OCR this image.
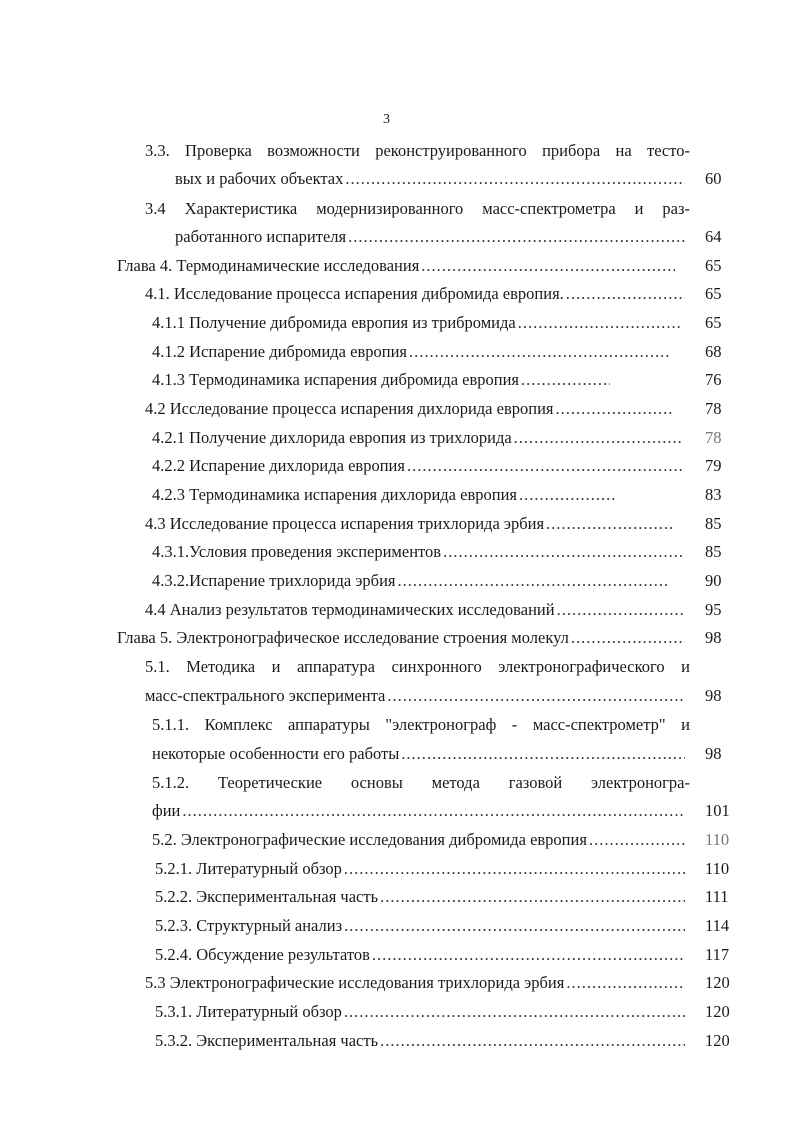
3
3.3. Проверка возможности реконструированного прибора на тесто-
вых и рабочих объектах .....	60
3.4 Характеристика модернизированного масс-спектрометра и раз-
работанного испарителя .....	64
Глава 4. Термодинамические исследования .....	65
4.1. Исследование процесса испарения дибромида европия. .....	65
4.1.1 Получение дибромида европия из трибромида .....	65
4.1.2 Испарение дибромида европия .....	68
4.1.3 Термодинамика испарения дибромида европия .....	76
4.2 Исследование процесса испарения дихлорида европия .....	78
4.2.1 Получение дихлорида европия из трихлорида .....	78
4.2.2 Испарение дихлорида европия .....	79
4.2.3 Термодинамика испарения дихлорида европия .....	83
4.3 Исследование процесса испарения трихлорида эрбия .....	85
4.3.1.Условия проведения экспериментов .....	85
4.3.2.Испарение трихлорида эрбия .....	90
4.4 Анализ результатов термодинамических исследований .....	95
Глава 5. Электронографическое исследование строения молекул .....	98
5.1. Методика и аппаратура синхронного электронографического и
масс-спектрального эксперимента .....	98
5.1.1. Комплекс аппаратуры "электронограф - масс-спектрометр" и
некоторые особенности его работы .....	98
5.1.2. Теоретические основы метода газовой электроногра-
фии .....	101
5.2. Электронографические исследования дибромида европия .....	110
5.2.1. Литературный обзор .....	110
5.2.2. Экспериментальная часть .....	111
5.2.3. Структурный анализ .....	114
5.2.4. Обсуждение результатов .....	117
5.3 Электронографические исследования трихлорида эрбия .....	120
5.3.1. Литературный обзор .....	120
5.3.2. Экспериментальная часть .....	120
